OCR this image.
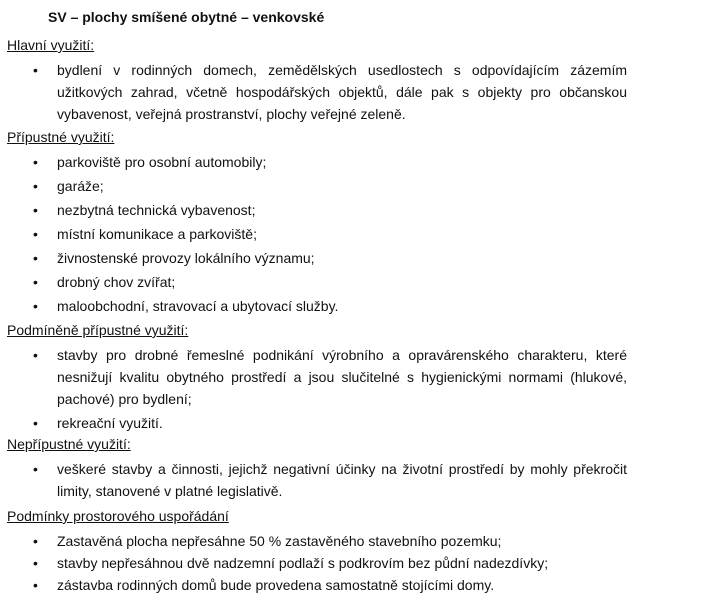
SV – plochy smíšené obytné – venkovské
Hlavní využití:
• bydlení v rodinných domech, zemědělských usedlostech s odpovídajícím zázemím užitkových zahrad, včetně hospodářských objektů, dále pak s objekty pro občanskou vybavenost, veřejná prostranství, plochy veřejné zeleně.
Přípustné využití:
• parkoviště pro osobní automobily;
• garáže;
• nezbytná technická vybavenost;
• místní komunikace a parkoviště;
• živnostenské provozy lokálního významu;
• drobný chov zvířat;
• maloobchodní, stravovací a ubytovací služby.
Podmíněně přípustné využití:
• stavby pro drobné řemeslné podnikání výrobního a opravárenského charakteru, které nesnižují kvalitu obytného prostředí a jsou slučitelné s hygienickými normami (hlukové, pachové) pro bydlení;
• rekreační využití.
Nepřípustné využití:
• veškeré stavby a činnosti, jejichž negativní účinky na životní prostředí by mohly překročit limity, stanovené v platné legislativě.
Podmínky prostorového uspořádání
• Zastavěná plocha nepřesáhne 50 % zastavěného stavebního pozemku;
• stavby nepřesáhnou dvě nadzemní podlaží s podkrovím bez půdní nadezdívky;
• zástavba rodinných domů bude provedena samostatně stojícími domy.
